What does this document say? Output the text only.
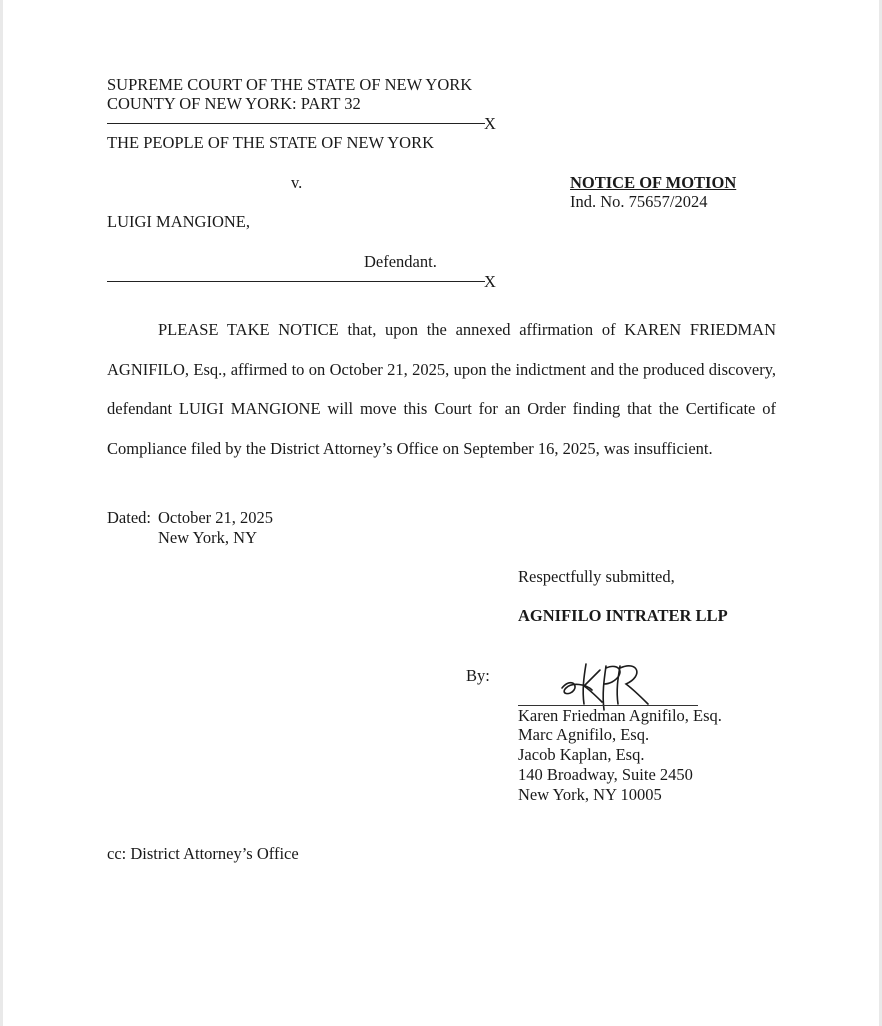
SUPREME COURT OF THE STATE OF NEW YORK
COUNTY OF NEW YORK: PART 32
X
THE PEOPLE OF THE STATE OF NEW YORK
v.	NOTICE OF MOTION
Ind. No. 75657/2024
LUIGI MANGIONE,
Defendant.
X
PLEASE TAKE NOTICE that, upon the annexed affirmation of KAREN FRIEDMAN AGNIFILO, Esq., affirmed to on October 21, 2025, upon the indictment and the produced discovery, defendant LUIGI MANGIONE will move this Court for an Order finding that the Certificate of Compliance filed by the District Attorney’s Office on September 16, 2025, was insufficient.
Dated: October 21, 2025
New York, NY
Respectfully submitted,
AGNIFILO INTRATER LLP
By:
Karen Friedman Agnifilo, Esq.
Marc Agnifilo, Esq.
Jacob Kaplan, Esq.
140 Broadway, Suite 2450
New York, NY 10005
cc: District Attorney’s Office
